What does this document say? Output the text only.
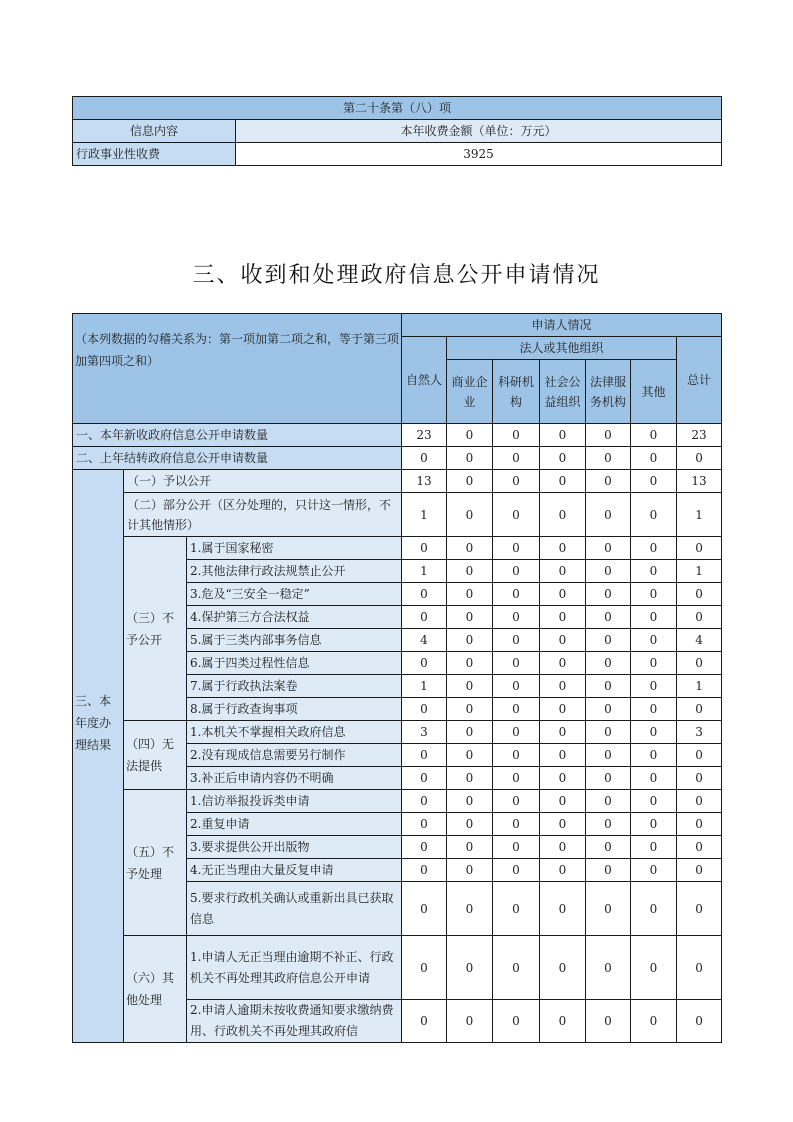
第二十条第（八）项	
信息内容	本年收费金额（单位：万元）
行政事业性收费	3925
三、收到和处理政府信息公开申请情况
（本列数据的勾稽关系为：第一项加第二项之和，等于第三项加第四项之和）			申请人情况						
			自然人	法人或其他组织					总计
				商业企业	科研机构	社会公益组织	法律服务机构	其他	
一、本年新收政府信息公开申请数量			23	0	0	0	0	0	23
二、上年结转政府信息公开申请数量			0	0	0	0	0	0	0
三、本年度办理结果	（一）予以公开		13	0	0	0	0	0	13
	（二）部分公开（区分处理的，只计这一情形，不计其他情形）		1	0	0	0	0	0	1
	（三）不予公开	1.属于国家秘密	0	0	0	0	0	0	0
		2.其他法律行政法规禁止公开	1	0	0	0	0	0	1
		3.危及“三安全一稳定”	0	0	0	0	0	0	0
		4.保护第三方合法权益	0	0	0	0	0	0	0
		5.属于三类内部事务信息	4	0	0	0	0	0	4
		6.属于四类过程性信息	0	0	0	0	0	0	0
		7.属于行政执法案卷	1	0	0	0	0	0	1
		8.属于行政查询事项	0	0	0	0	0	0	0
	（四）无法提供	1.本机关不掌握相关政府信息	3	0	0	0	0	0	3
		2.没有现成信息需要另行制作	0	0	0	0	0	0	0
		3.补正后申请内容仍不明确	0	0	0	0	0	0	0
	（五）不予处理	1.信访举报投诉类申请	0	0	0	0	0	0	0
		2.重复申请	0	0	0	0	0	0	0
		3.要求提供公开出版物	0	0	0	0	0	0	0
		4.无正当理由大量反复申请	0	0	0	0	0	0	0
		5.要求行政机关确认或重新出具已获取信息	0	0	0	0	0	0	0
	（六）其他处理	1.申请人无正当理由逾期不补正、行政机关不再处理其政府信息公开申请	0	0	0	0	0	0	0
		2.申请人逾期未按收费通知要求缴纳费用、行政机关不再处理其政府信	0	0	0	0	0	0	0
